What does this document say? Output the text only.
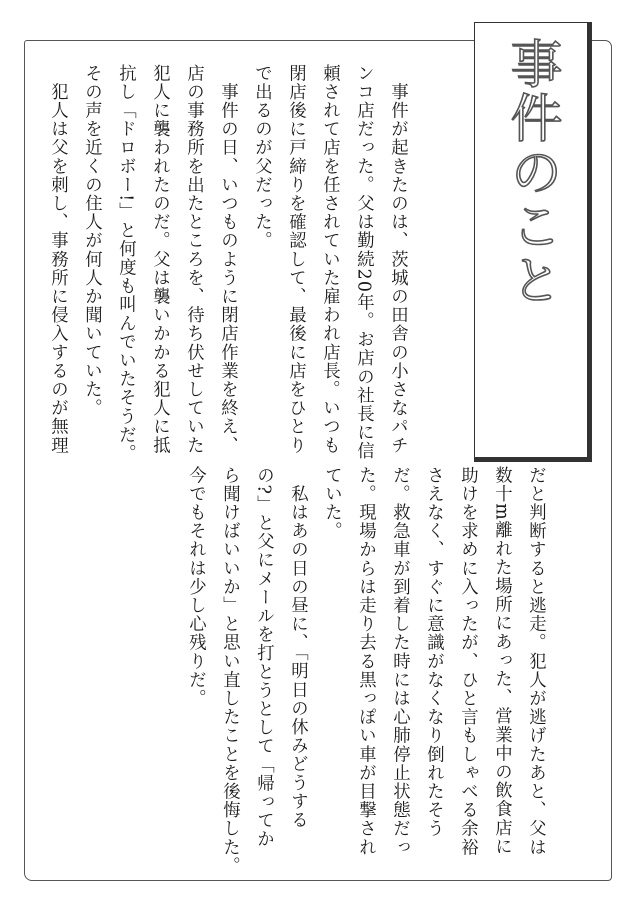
事件のこと

　事件が起きたのは、茨城の田舎の小さなパチ

ンコ店だった。父は勤続20年。お店の社長に信

頼されて店を任されていた雇われ店長。いつも

閉店後に戸締りを確認して、最後に店をひとり

で出るのが父だった。

　事件の日、いつものように閉店作業を終え、

店の事務所を出たところを、待ち伏せしていた

犯人に襲われたのだ。父は襲いかかる犯人に抵

抗し「ドロボー!」と何度も叫んでいたそうだ。

その声を近くの住人が何人か聞いていた。

　犯人は父を刺し、事務所に侵入するのが無理

だと判断すると逃走。犯人が逃げたあと、父は

数十m離れた場所にあった、営業中の飲食店に

助けを求めに入ったが、ひと言もしゃべる余裕

さえなく、すぐに意識がなくなり倒れたそう

だ。救急車が到着した時には心肺停止状態だっ

た。現場からは走り去る黒っぽい車が目撃され

ていた。

　私はあの日の昼に、「明日の休みどうする

の?」と父にメールを打とうとして「帰ってか

ら聞けばいいか」と思い直したことを後悔した。

今でもそれは少し心残りだ。
